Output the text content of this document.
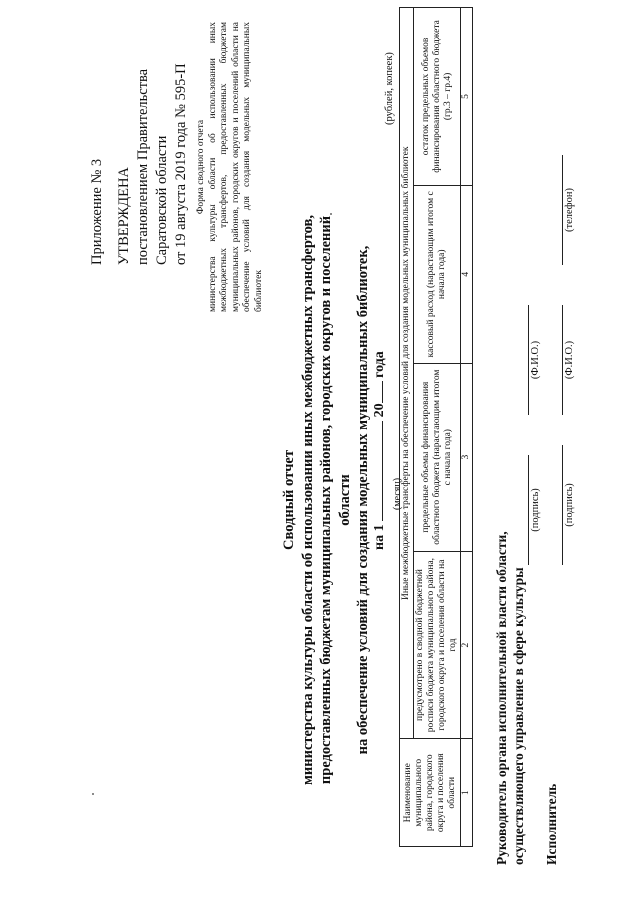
Приложение № 3 УТВЕРЖДЕНА постановлением Правительства Саратовской области от 19 августа 2019 года № 595-П Форма сводного отчета министерства культуры области об использовании иных межбюджетных трансфертов, предоставленных бюджетам муниципальных районов, городских округов и поселений области на обеспечение условий для создания модельных муниципальных библиотек
Сводный отчет министерства культуры области об использовании иных межбюджетных трансфертов, предоставленных бюджетам муниципальных районов, городских округов и поселений области на обеспечение условий для создания модельных муниципальных библиотек, на 1  20 года
(месяц)
(рублей, копеек)
Наименование муниципального района, городского округа и поселения области	Иные межбюджетные трансферты на обеспечение условий для создания модельных муниципальных библиотек			
	предусмотрено в сводной бюджетной росписи бюджета муниципального района, городского округа и поселения области на год	предельные объемы финансирования областного бюджета (нарастающим итогом с начала года)	кассовый расход (нарастающим итогом с начала года)	остаток предельных объемов финансирования областного бюджета (гр.3 – гр.4)
1	2	3	4	5
Руководитель органа исполнительной власти области, осуществляющего управление в сфере культуры
(подпись)
(Ф.И.О.)
Исполнитель
(подпись)
(Ф.И.О.)
(телефон)
